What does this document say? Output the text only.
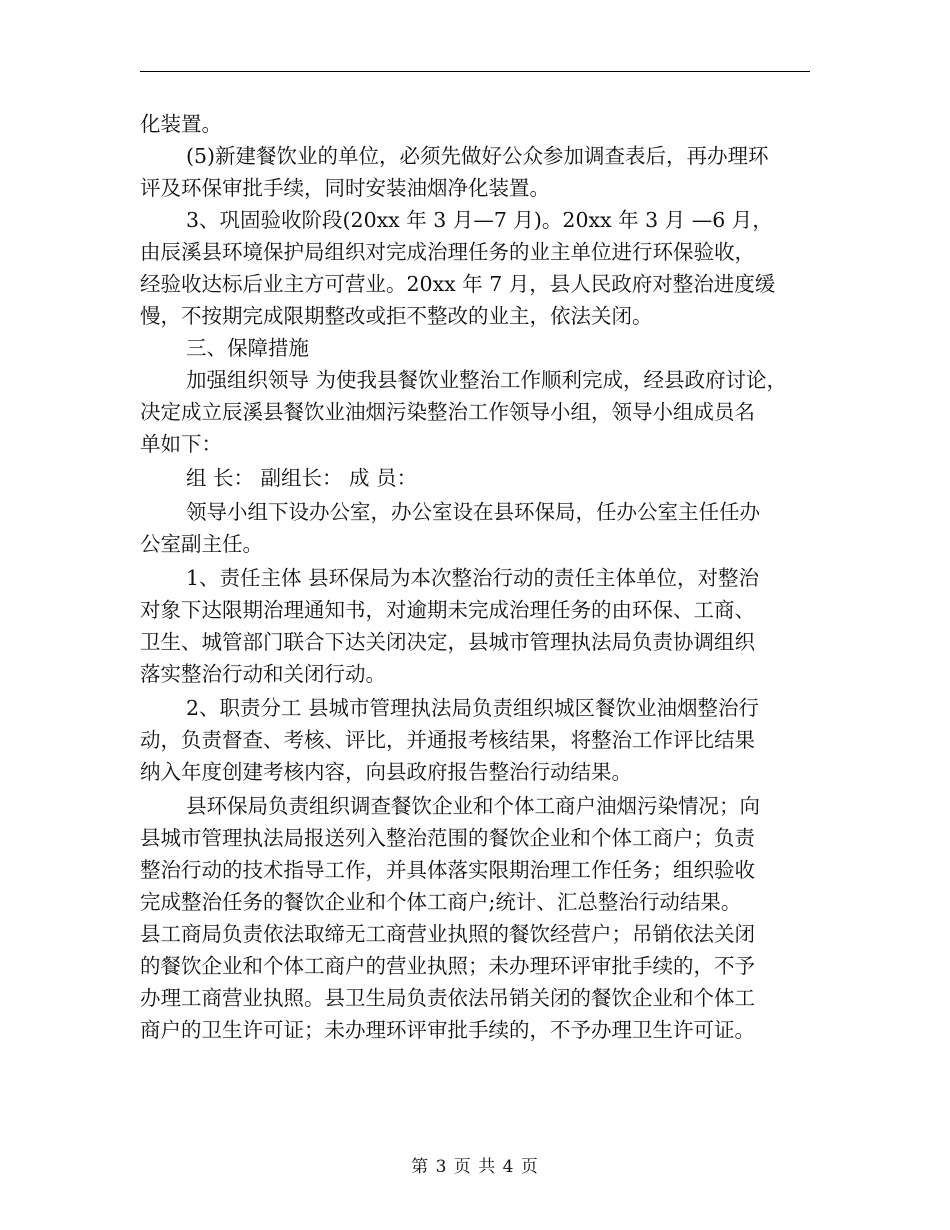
化装置。
(5)新建餐饮业的单位，必须先做好公众参加调查表后，再办理环
评及环保审批手续，同时安装油烟净化装置。
3、巩固验收阶段(20xx 年 3 月—7 月)。20xx 年 3 月 —6 月，
由辰溪县环境保护局组织对完成治理任务的业主单位进行环保验收，
经验收达标后业主方可营业。20xx 年 7 月，县人民政府对整治进度缓
慢，不按期完成限期整改或拒不整改的业主，依法关闭。
三、保障措施
加强组织领导 为使我县餐饮业整治工作顺利完成，经县政府讨论，
决定成立辰溪县餐饮业油烟污染整治工作领导小组，领导小组成员名
单如下：
组 长： 副组长： 成 员：
领导小组下设办公室，办公室设在县环保局，任办公室主任任办
公室副主任。
1、责任主体 县环保局为本次整治行动的责任主体单位，对整治
对象下达限期治理通知书，对逾期未完成治理任务的由环保、工商、
卫生、城管部门联合下达关闭决定，县城市管理执法局负责协调组织
落实整治行动和关闭行动。
2、职责分工 县城市管理执法局负责组织城区餐饮业油烟整治行
动，负责督查、考核、评比，并通报考核结果，将整治工作评比结果
纳入年度创建考核内容，向县政府报告整治行动结果。
县环保局负责组织调查餐饮企业和个体工商户油烟污染情况；向
县城市管理执法局报送列入整治范围的餐饮企业和个体工商户；负责
整治行动的技术指导工作，并具体落实限期治理工作任务；组织验收
完成整治任务的餐饮企业和个体工商户;统计、汇总整治行动结果。
县工商局负责依法取缔无工商营业执照的餐饮经营户；吊销依法关闭
的餐饮企业和个体工商户的营业执照；未办理环评审批手续的，不予
办理工商营业执照。县卫生局负责依法吊销关闭的餐饮企业和个体工
商户的卫生许可证；未办理环评审批手续的，不予办理卫生许可证。
第 3 页 共 4 页
